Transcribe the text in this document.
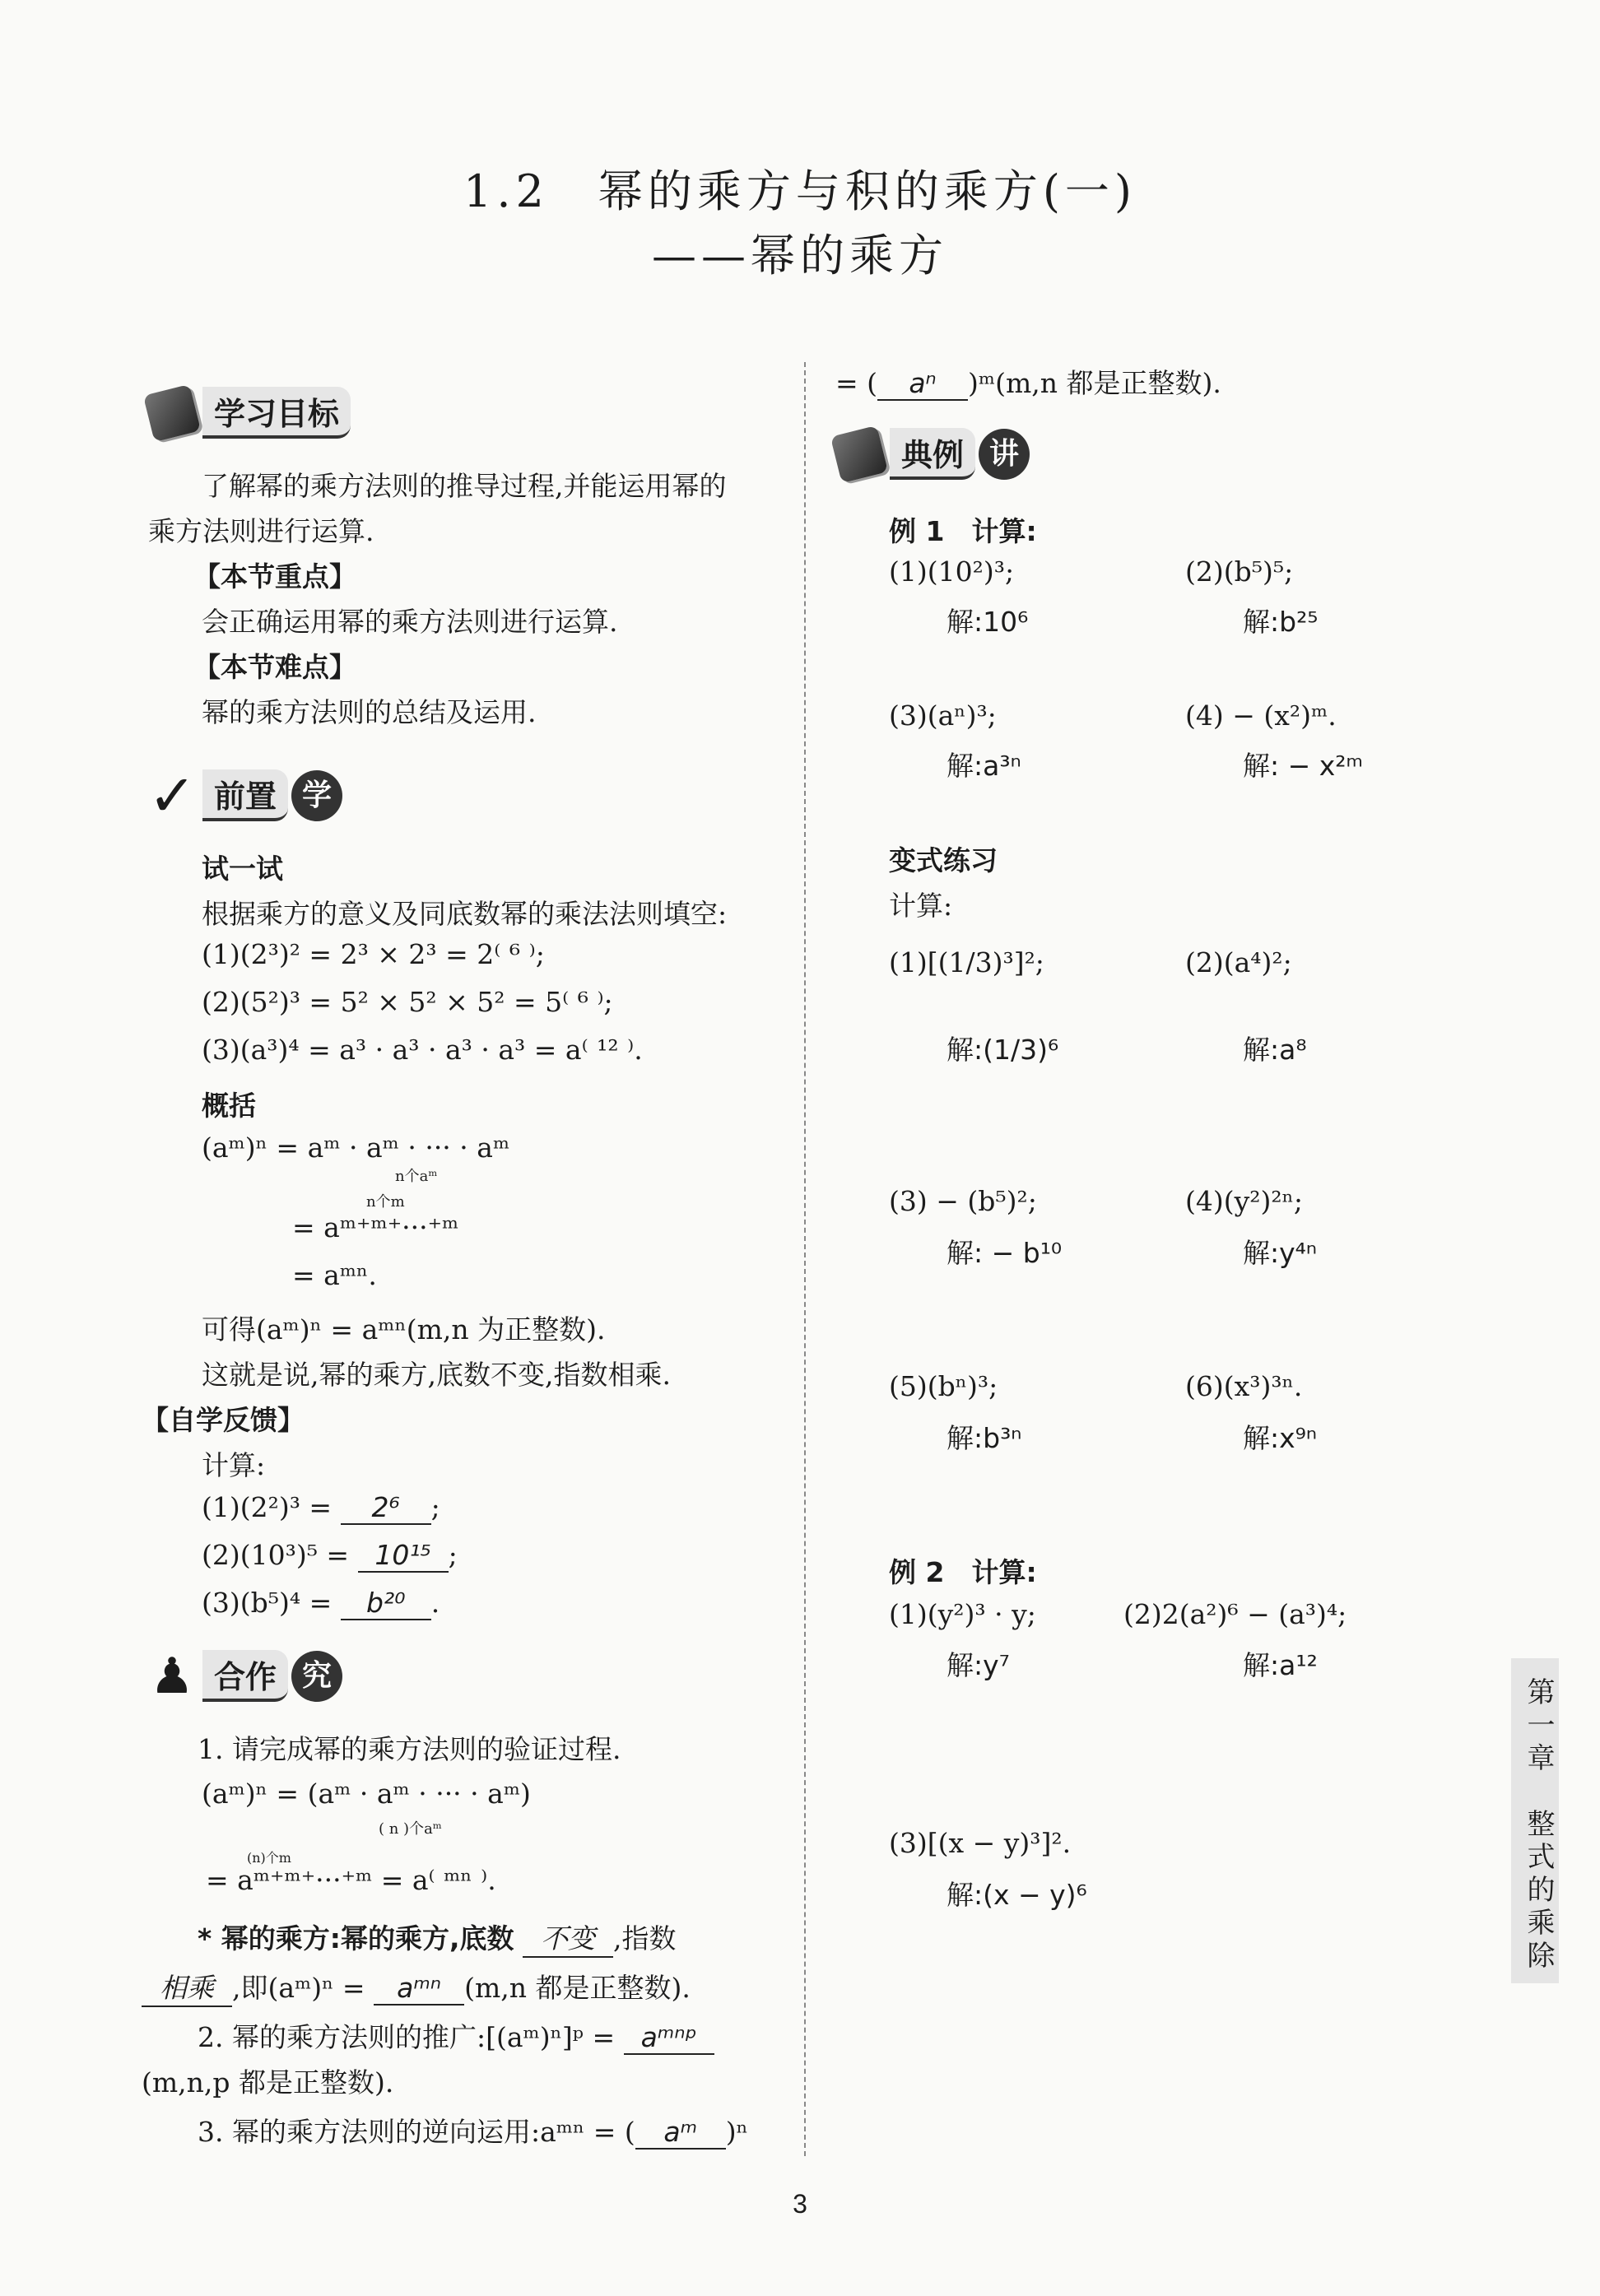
1.2　幂的乘方与积的乘方(一)
——幂的乘方
学习目标
了解幂的乘方法则的推导过程,并能运用幂的
乘方法则进行运算.
【本节重点】
会正确运用幂的乘方法则进行运算.
【本节难点】
幂的乘方法则的总结及运用.
✓ 前置 学
试一试
根据乘方的意义及同底数幂的乘法法则填空:
(1)(2³)² = 2³ × 2³ = 2⁽ ⁶ ⁾;
(2)(5²)³ = 5² × 5² × 5² = 5⁽ ⁶ ⁾;
(3)(a³)⁴ = a³ · a³ · a³ · a³ = a⁽ ¹² ⁾.
概括
(aᵐ)ⁿ = aᵐ · aᵐ · ··· · aᵐ
n个aᵐ
n个m
= aᵐ⁺ᵐ⁺···⁺ᵐ
= aᵐⁿ.
可得(aᵐ)ⁿ = aᵐⁿ(m,n 为正整数).
这就是说,幂的乘方,底数不变,指数相乘.
【自学反馈】
计算:
(1)(2²)³ = 2⁶ ;
(2)(10³)⁵ = 10¹⁵ ;
(3)(b⁵)⁴ = b²⁰ .
♟ 合作 究
1. 请完成幂的乘方法则的验证过程.
(aᵐ)ⁿ = (aᵐ · aᵐ · ··· · aᵐ)
( n )个aᵐ
(n)个m
= aᵐ⁺ᵐ⁺···⁺ᵐ = a⁽ ᵐⁿ ⁾.
* 幂的乘方:幂的乘方,底数 不变 ,指数
相乘 ,即(aᵐ)ⁿ = aᵐⁿ (m,n 都是正整数).
2. 幂的乘方法则的推广:[(aᵐ)ⁿ]ᵖ = aᵐⁿᵖ
(m,n,p 都是正整数).
3. 幂的乘方法则的逆向运用:aᵐⁿ = ( aᵐ )ⁿ
= ( aⁿ )ᵐ(m,n 都是正整数).
典例 讲
例 1　计算:
(1)(10²)³;
解:10⁶
(2)(b⁵)⁵;
解:b²⁵
(3)(aⁿ)³;
解:a³ⁿ
(4) − (x²)ᵐ.
解: − x²ᵐ
变式练习
计算:
(1)[(1/3)³]²;
解:(1/3)⁶
(2)(a⁴)²;
解:a⁸
(3) − (b⁵)²;
解: − b¹⁰
(4)(y²)²ⁿ;
解:y⁴ⁿ
(5)(bⁿ)³;
解:b³ⁿ
(6)(x³)³ⁿ.
解:x⁹ⁿ
例 2　计算:
(1)(y²)³ · y;
解:y⁷
(2)2(a²)⁶ − (a³)⁴;
解:a¹²
(3)[(x − y)³]².
解:(x − y)⁶	第一章　整式的乘除
3
